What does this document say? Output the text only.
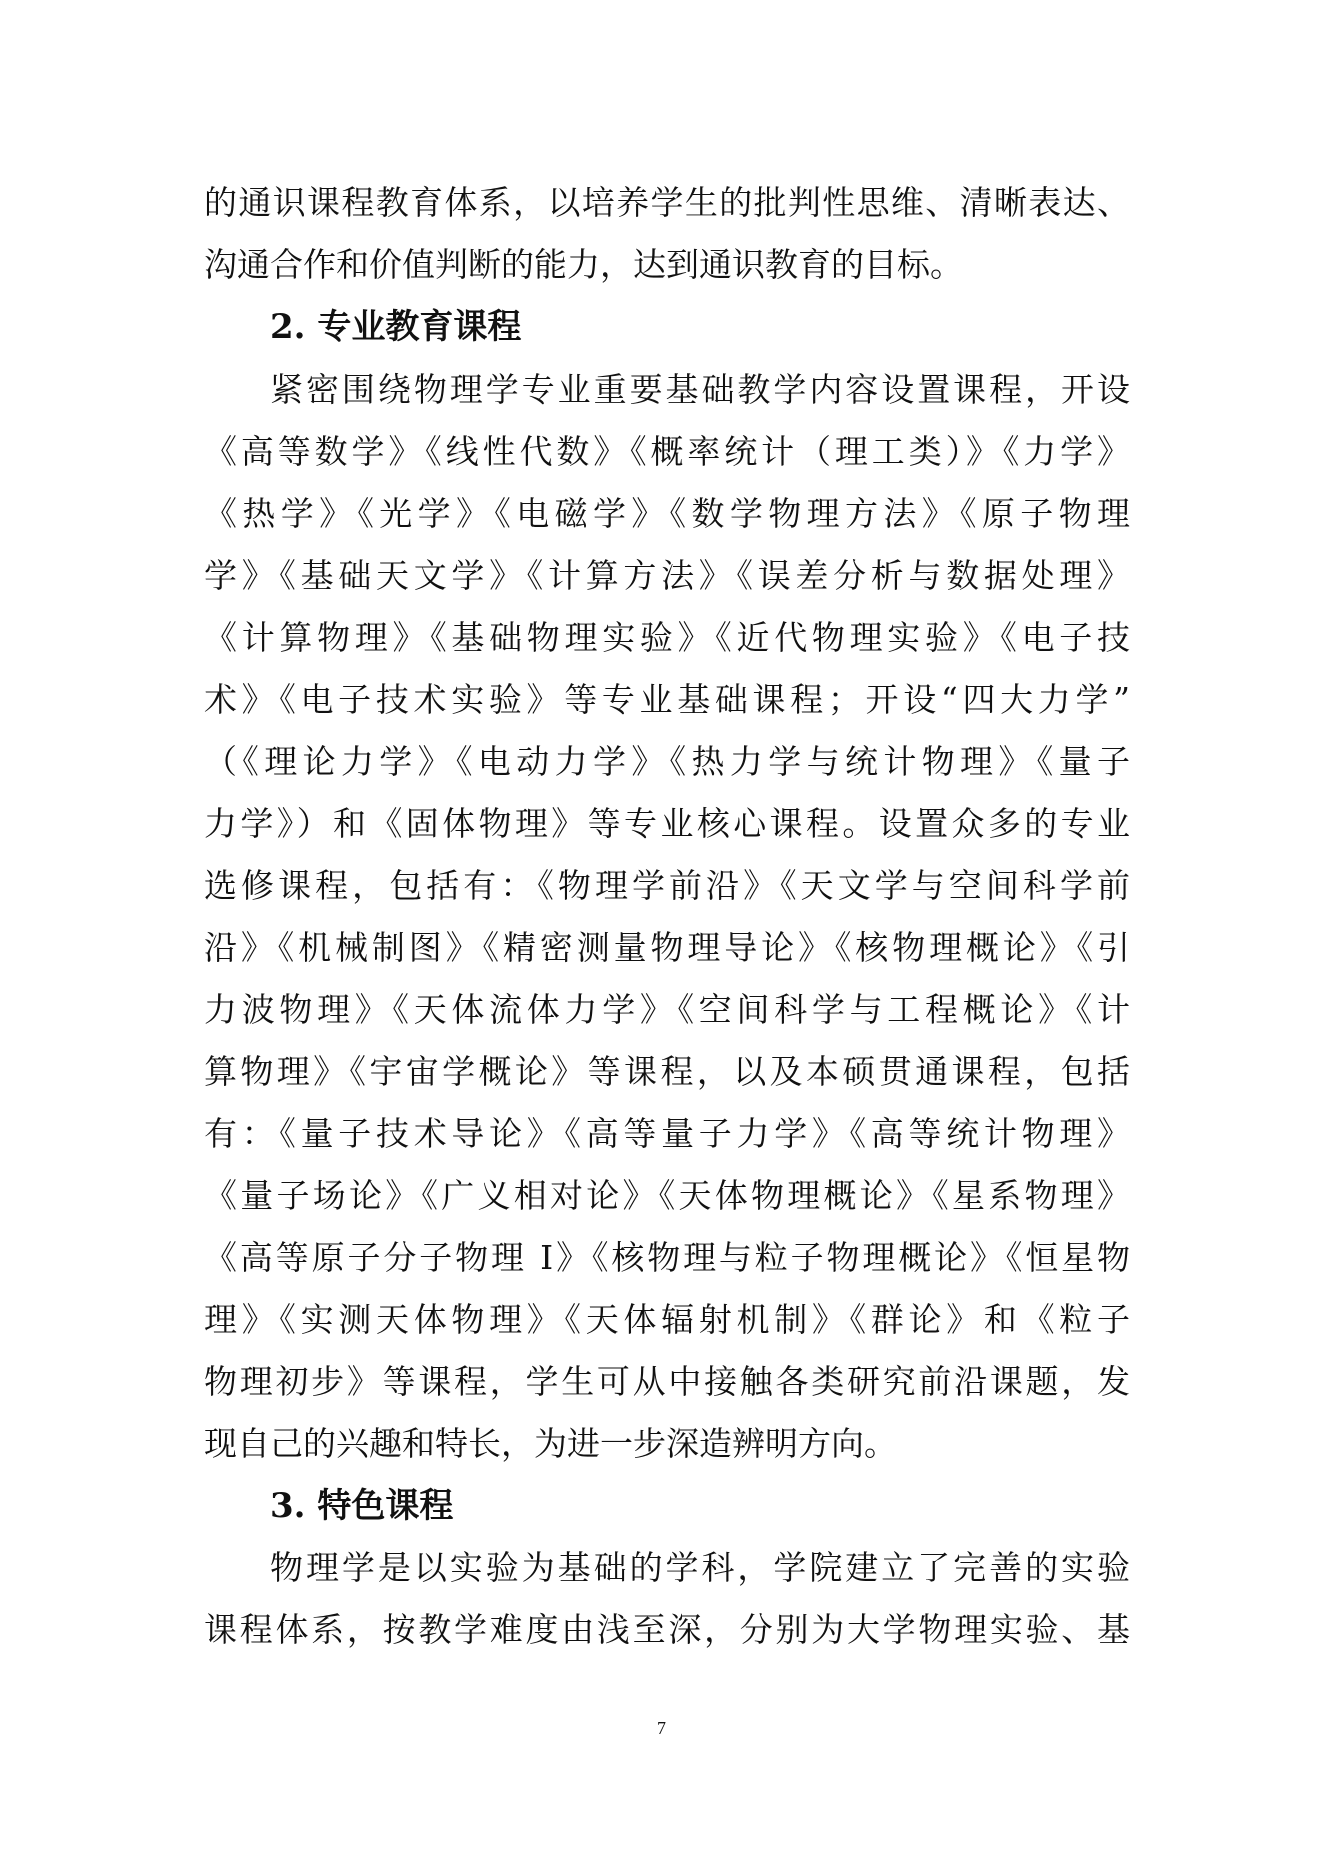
的通识课程教育体系，以培养学生的批判性思维、清晰表达、
沟通合作和价值判断的能力，达到通识教育的目标。
2. 专业教育课程
紧密围绕物理学专业重要基础教学内容设置课程，开设
《高等数学》《线性代数》《概率统计（理工类）》《力学》
《热学》《光学》《电磁学》《数学物理方法》《原子物理
学》《基础天文学》《计算方法》《误差分析与数据处理》
《计算物理》《基础物理实验》《近代物理实验》《电子技
术》《电子技术实验》等专业基础课程；开设“四大力学”
（《理论力学》《电动力学》《热力学与统计物理》《量子
力学》）和《固体物理》等专业核心课程。设置众多的专业
选修课程，包括有：《物理学前沿》《天文学与空间科学前
沿》《机械制图》《精密测量物理导论》《核物理概论》《引
力波物理》《天体流体力学》《空间科学与工程概论》《计
算物理》《宇宙学概论》等课程，以及本硕贯通课程，包括
有：《量子技术导论》《高等量子力学》《高等统计物理》
《量子场论》《广义相对论》《天体物理概论》《星系物理》
《高等原子分子物理 I》《核物理与粒子物理概论》《恒星物
理》《实测天体物理》《天体辐射机制》《群论》和《粒子
物理初步》等课程，学生可从中接触各类研究前沿课题，发
现自己的兴趣和特长，为进一步深造辨明方向。
3. 特色课程
物理学是以实验为基础的学科，学院建立了完善的实验
课程体系，按教学难度由浅至深，分别为大学物理实验、基
7
